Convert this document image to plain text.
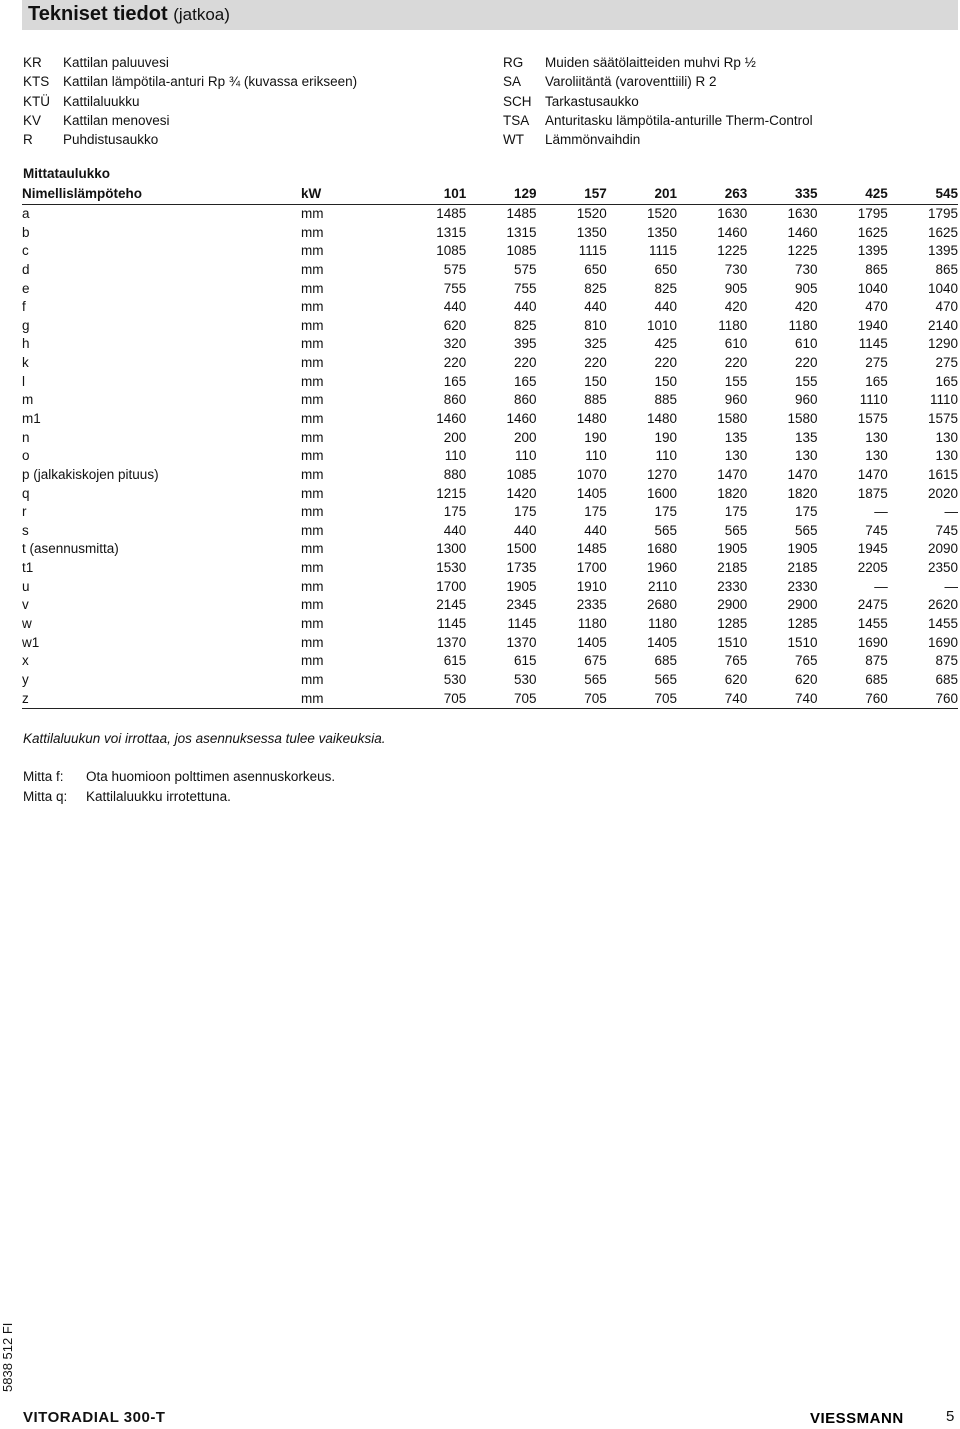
Tekniset tiedot (jatkoa)
KR	Kattilan paluuvesi
KTS	Kattilan lämpötila-anturi Rp ¾ (kuvassa erikseen)
KTÜ Kattilaluukku
KV	Kattilan menovesi
R	Puhdistusaukko
RG	Muiden säätölaitteiden muhvi Rp ½
SA	Varoliitäntä (varoventtiili) R 2
SCH Tarkastusaukko
TSA	Anturitasku lämpötila-anturille Therm-Control
WT	Lämmönvaihdin
Mittataulukko
Nimellislämpöteho	kW	101	129	157	201	263	335	425	545
a	mm	1485	1485	1520	1520	1630	1630	1795	1795
b	mm	1315	1315	1350	1350	1460	1460	1625	1625
c	mm	1085	1085	1115	1115	1225	1225	1395	1395
d	mm	575	575	650	650	730	730	865	865
e	mm	755	755	825	825	905	905	1040	1040
f	mm	440	440	440	440	420	420	470	470
g	mm	620	825	810	1010	1180	1180	1940	2140
h	mm	320	395	325	425	610	610	1145	1290
k	mm	220	220	220	220	220	220	275	275
l	mm	165	165	150	150	155	155	165	165
m	mm	860	860	885	885	960	960	1110	1110
m1	mm	1460	1460	1480	1480	1580	1580	1575	1575
n	mm	200	200	190	190	135	135	130	130
o	mm	110	110	110	110	130	130	130	130
p (jalkakiskojen pituus)	mm	880	1085	1070	1270	1470	1470	1470	1615
q	mm	1215	1420	1405	1600	1820	1820	1875	2020
r	mm	175	175	175	175	175	175	—	—
s	mm	440	440	440	565	565	565	745	745
t (asennusmitta)	mm	1300	1500	1485	1680	1905	1905	1945	2090
t1	mm	1530	1735	1700	1960	2185	2185	2205	2350
u	mm	1700	1905	1910	2110	2330	2330	—	—
v	mm	2145	2345	2335	2680	2900	2900	2475	2620
w	mm	1145	1145	1180	1180	1285	1285	1455	1455
w1	mm	1370	1370	1405	1405	1510	1510	1690	1690
x	mm	615	615	675	685	765	765	875	875
y	mm	530	530	565	565	620	620	685	685
z	mm	705	705	705	705	740	740	760	760
Kattilaluukun voi irrottaa, jos asennuksessa tulee vaikeuksia.
Mitta f:	Ota huomioon polttimen asennuskorkeus.
Mitta q:	Kattilaluukku irrotettuna.
5838 512 FI
VITORADIAL 300-T	VIESSMANN	5
